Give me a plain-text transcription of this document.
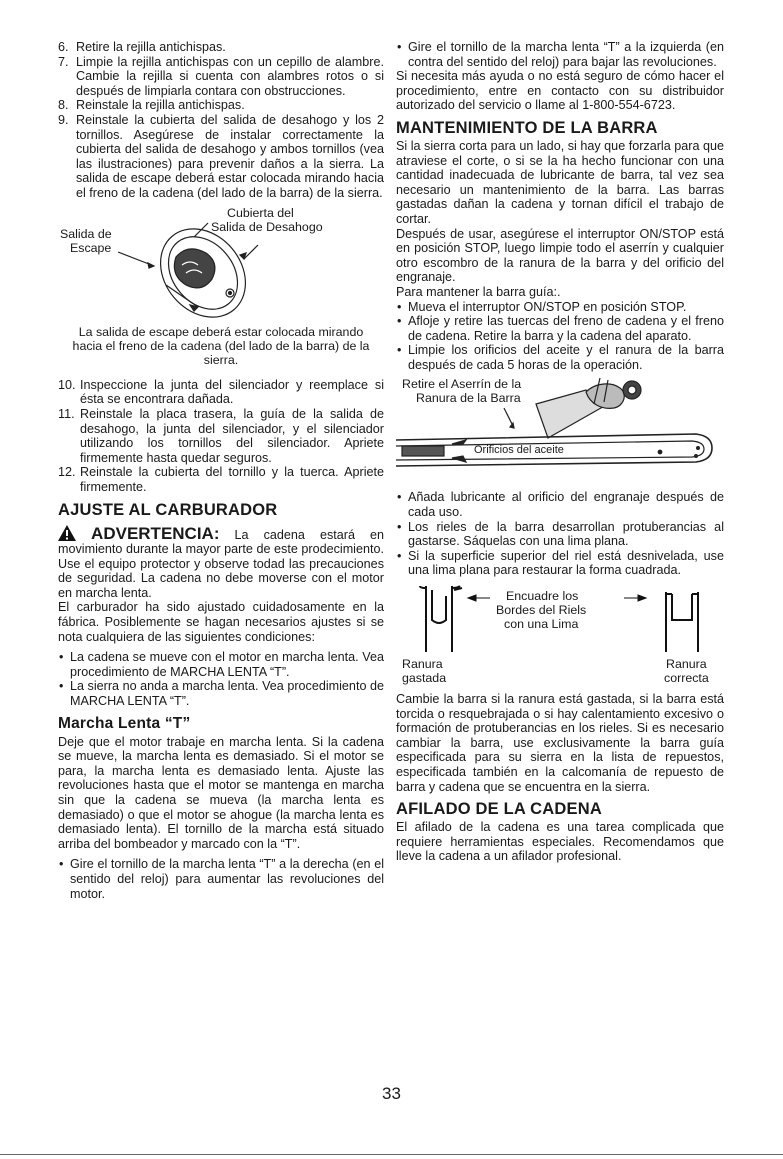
6. Retire la rejilla antichispas.
7. Limpie la rejilla antichispas con un cepillo de alambre. Cambie la rejilla si cuenta con alambres rotos o si después de limpiarla contara con obstrucciones.
8. Reinstale la rejilla antichispas.
9. Reinstale la cubierta del salida de desahogo y los 2 tornillos. Asegúrese de instalar correctamente la cubierta del salida de desahogo y ambos tornillos (vea las ilustraciones) para prevenir daños a la sierra. La salida de escape deberá estar colocada mirando hacia el freno de la cadena (del lado de la barra) de la sierra.
Cubierta del
Salida de Desahogo
Salida de
Escape
La salida de escape deberá estar colocada mirando hacia el freno de la cadena (del lado de la barra) de la sierra.
10. Inspeccione la junta del silenciador y reemplace si ésta se encontrara dañada.
11. Reinstale la placa trasera, la guía de la salida de desahogo, la junta del silenciador, y el silenciador utilizando los tornillos del silenciador. Apriete firmemente hasta quedar seguros.
12. Reinstale la cubierta del tornillo y la tuerca. Apriete firmemente.
AJUSTE AL CARBURADOR

ADVERTENCIA: La cadena estará en movimiento durante la mayor parte de este prodecimiento. Use el equipo protector y observe todad las precauciones de seguridad. La cadena no debe moverse con el motor en marcha lenta.

El carburador ha sido ajustado cuidadosamente en la fábrica. Posiblemente se hagan necesarios ajustes si se nota cualquiera de las siguientes condiciones:

• La cadena se mueve con el motor en marcha lenta. Vea procedimiento de MARCHA LENTA “T”.
• La sierra no anda a marcha lenta. Vea procedimiento de MARCHA LENTA “T”.
Marcha Lenta “T”

Deje que el motor trabaje en marcha lenta. Si la cadena se mueve, la marcha lenta es demasiado. Si el motor se para, la marcha lenta es demasiado lenta. Ajuste las revoluciones hasta que el motor se mantenga en marcha sin que la cadena se mueva (la marcha lenta es demasiado) o que el motor se ahogue (la marcha lenta es demasiado lenta). El tornillo de la marcha está situado arriba del bombeador y marcado con la “T”.

• Gire el tornillo de la marcha lenta “T” a la derecha (en el sentido del reloj) para aumentar las revoluciones del motor.
• Gire el tornillo de la marcha lenta “T” a la izquierda (en contra del sentido del reloj) para bajar las revoluciones.

Si necesita más ayuda o no está seguro de cómo hacer el procedimiento, entre en contacto con su distribuidor autorizado del servicio o llame al 1-800-554-6723.

MANTENIMIENTO DE LA BARRA

Si la sierra corta para un lado, si hay que forzarla para que atraviese el corte, o si se la ha hecho funcionar con una cantidad inadecuada de lubricante de barra, tal vez sea necesario un mantenimiento de la barra. Las barras gastadas dañan la cadena y tornan difícil el trabajo de cortar.

Después de usar, asegúrese el interruptor ON/STOP está en posición STOP, luego limpie todo el aserrín y cualquier otro escombro de la ranura de la barra y del orificio del engranaje.

Para mantener la barra guía:.

• Mueva el interruptor ON/STOP en posición STOP.
• Afloje y retire las tuercas del freno de cadena y el freno de cadena. Retire la barra y la cadena del aparato.
• Limpie los orificios del aceite y el ranura de la barra después de cada 5 horas de la operación.
Retire el Aserrín de la
Ranura de la Barra
Orificios del aceite
• Añada lubricante al orificio del engranaje después de cada uso.
• Los rieles de la barra desarrollan protuberancias al gastarse. Sáquelas con una lima plana.
• Si la superficie superior del riel está desnivelada, use una lima plana para restaurar la forma cuadrada.
Encuadre los
Bordes del Riels
con una Lima
Ranura
gastada
Ranura
correcta

Cambie la barra si la ranura está gastada, si la barra está torcida o resquebrajada o si hay calentamiento excesivo o formación de protuberancias en los rieles. Si es necesario cambiar la barra, use exclusivamente la barra guía especificada para su sierra en la lista de repuestos, especificada también en la calcomanía de repuesto de barra y cadena que se encuentra en la sierra.

AFILADO DE LA CADENA

El afilado de la cadena es una tarea complicada que requiere herramientas especiales. Recomendamos que lleve la cadena a un afilador profesional.

33
